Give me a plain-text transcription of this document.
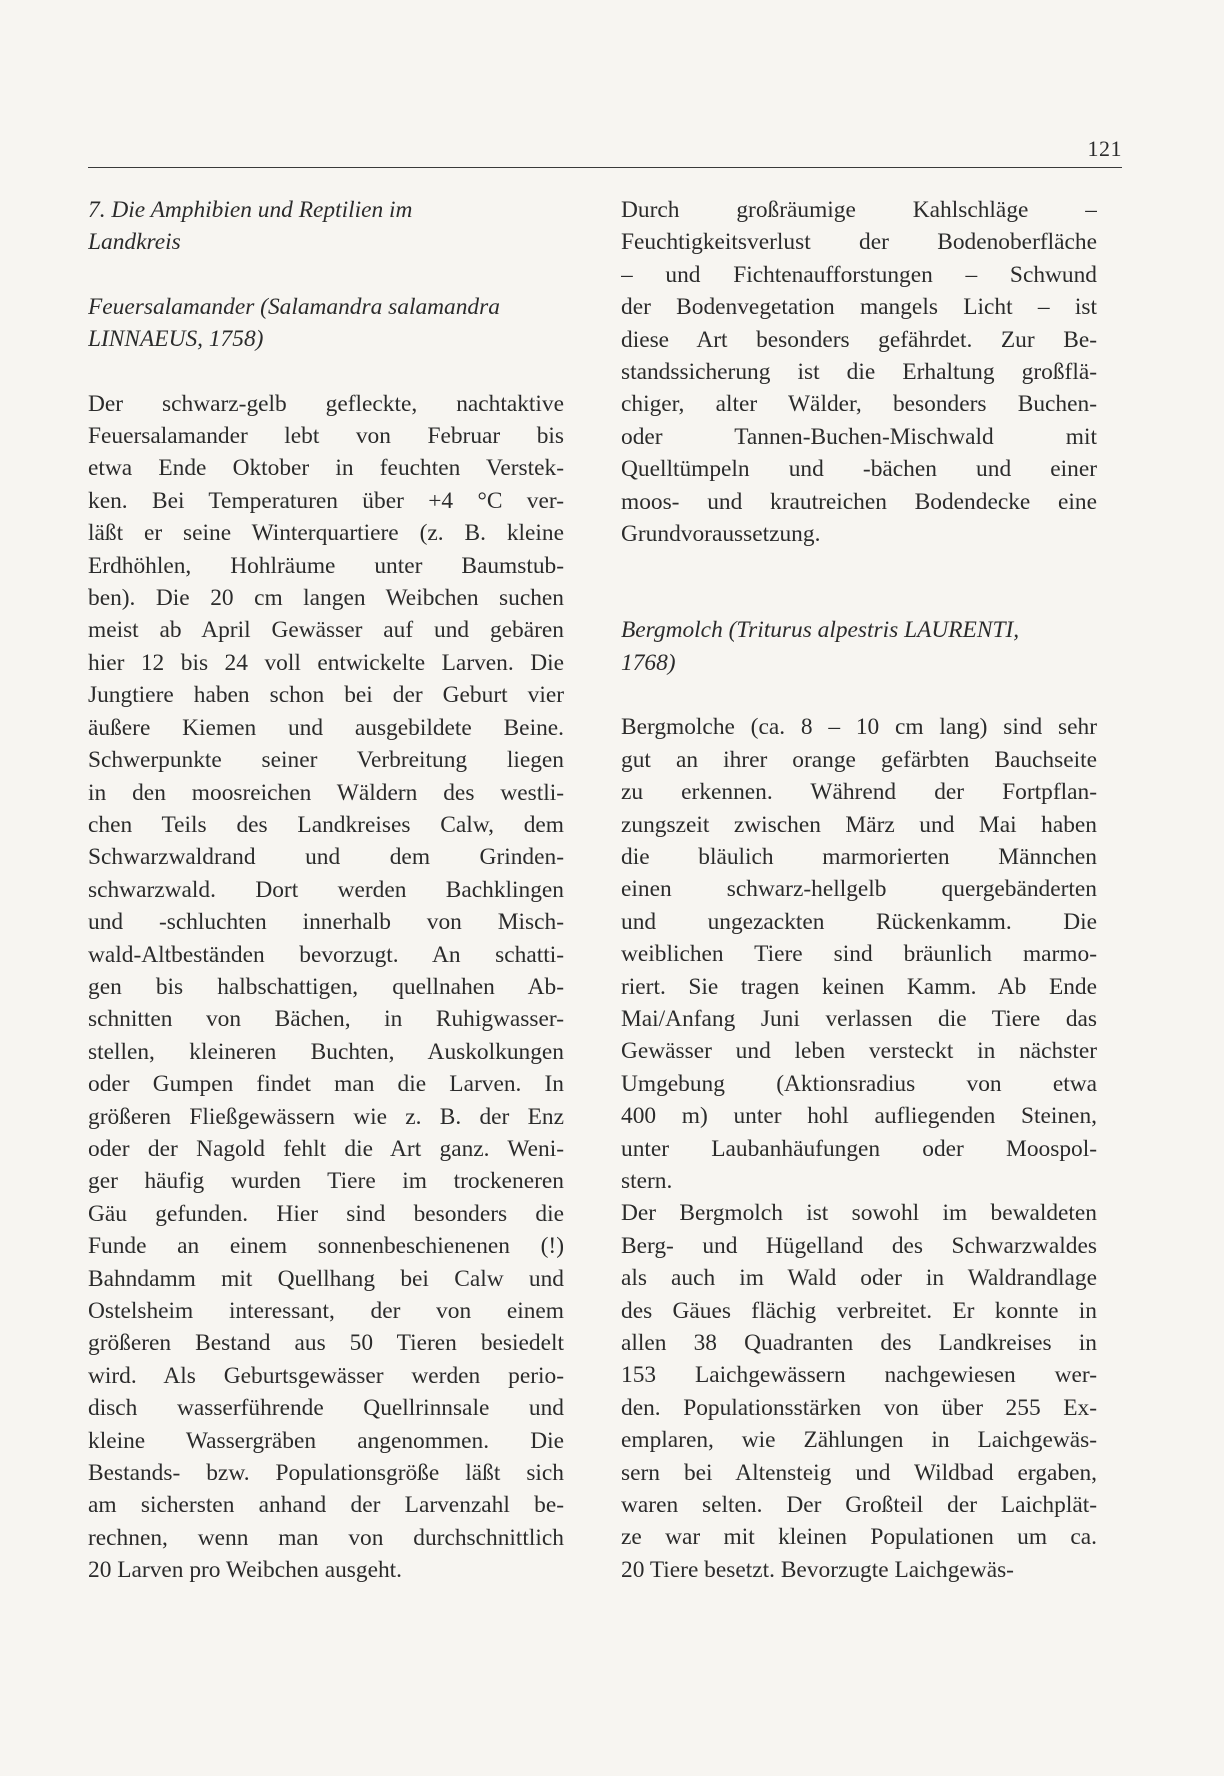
121
7. Die Amphibien und Reptilien im
Landkreis
Feuersalamander (Salamandra salamandra
LINNAEUS, 1758)
Der schwarz-gelb gefleckte, nachtaktive
Feuersalamander lebt von Februar bis
etwa Ende Oktober in feuchten Verstek-
ken. Bei Temperaturen über +4 °C ver-
läßt er seine Winterquartiere (z. B. kleine
Erdhöhlen, Hohlräume unter Baumstub-
ben). Die 20 cm langen Weibchen suchen
meist ab April Gewässer auf und gebären
hier 12 bis 24 voll entwickelte Larven. Die
Jungtiere haben schon bei der Geburt vier
äußere Kiemen und ausgebildete Beine.
Schwerpunkte seiner Verbreitung liegen
in den moosreichen Wäldern des westli-
chen Teils des Landkreises Calw, dem
Schwarzwaldrand und dem Grinden-
schwarzwald. Dort werden Bachklingen
und -schluchten innerhalb von Misch-
wald-Altbeständen bevorzugt. An schatti-
gen bis halbschattigen, quellnahen Ab-
schnitten von Bächen, in Ruhigwasser-
stellen, kleineren Buchten, Auskolkungen
oder Gumpen findet man die Larven. In
größeren Fließgewässern wie z. B. der Enz
oder der Nagold fehlt die Art ganz. Weni-
ger häufig wurden Tiere im trockeneren
Gäu gefunden. Hier sind besonders die
Funde an einem sonnenbeschienenen (!)
Bahndamm mit Quellhang bei Calw und
Ostelsheim interessant, der von einem
größeren Bestand aus 50 Tieren besiedelt
wird. Als Geburtsgewässer werden perio-
disch wasserführende Quellrinnsale und
kleine Wassergräben angenommen. Die
Bestands- bzw. Populationsgröße läßt sich
am sichersten anhand der Larvenzahl be-
rechnen, wenn man von durchschnittlich
20 Larven pro Weibchen ausgeht.
Durch großräumige Kahlschläge –
Feuchtigkeitsverlust der Bodenoberfläche
– und Fichtenaufforstungen – Schwund
der Bodenvegetation mangels Licht – ist
diese Art besonders gefährdet. Zur Be-
standssicherung ist die Erhaltung großflä-
chiger, alter Wälder, besonders Buchen-
oder Tannen-Buchen-Mischwald mit
Quelltümpeln und -bächen und einer
moos- und krautreichen Bodendecke eine
Grundvoraussetzung.
Bergmolch (Triturus alpestris LAURENTI,
1768)
Bergmolche (ca. 8 – 10 cm lang) sind sehr
gut an ihrer orange gefärbten Bauchseite
zu erkennen. Während der Fortpflan-
zungszeit zwischen März und Mai haben
die bläulich marmorierten Männchen
einen schwarz-hellgelb quergebänderten
und ungezackten Rückenkamm. Die
weiblichen Tiere sind bräunlich marmo-
riert. Sie tragen keinen Kamm. Ab Ende
Mai/Anfang Juni verlassen die Tiere das
Gewässer und leben versteckt in nächster
Umgebung (Aktionsradius von etwa
400 m) unter hohl aufliegenden Steinen,
unter Laubanhäufungen oder Moospol-
stern.
Der Bergmolch ist sowohl im bewaldeten
Berg- und Hügelland des Schwarzwaldes
als auch im Wald oder in Waldrandlage
des Gäues flächig verbreitet. Er konnte in
allen 38 Quadranten des Landkreises in
153 Laichgewässern nachgewiesen wer-
den. Populationsstärken von über 255 Ex-
emplaren, wie Zählungen in Laichgewäs-
sern bei Altensteig und Wildbad ergaben,
waren selten. Der Großteil der Laichplät-
ze war mit kleinen Populationen um ca.
20 Tiere besetzt. Bevorzugte Laichgewäs-
